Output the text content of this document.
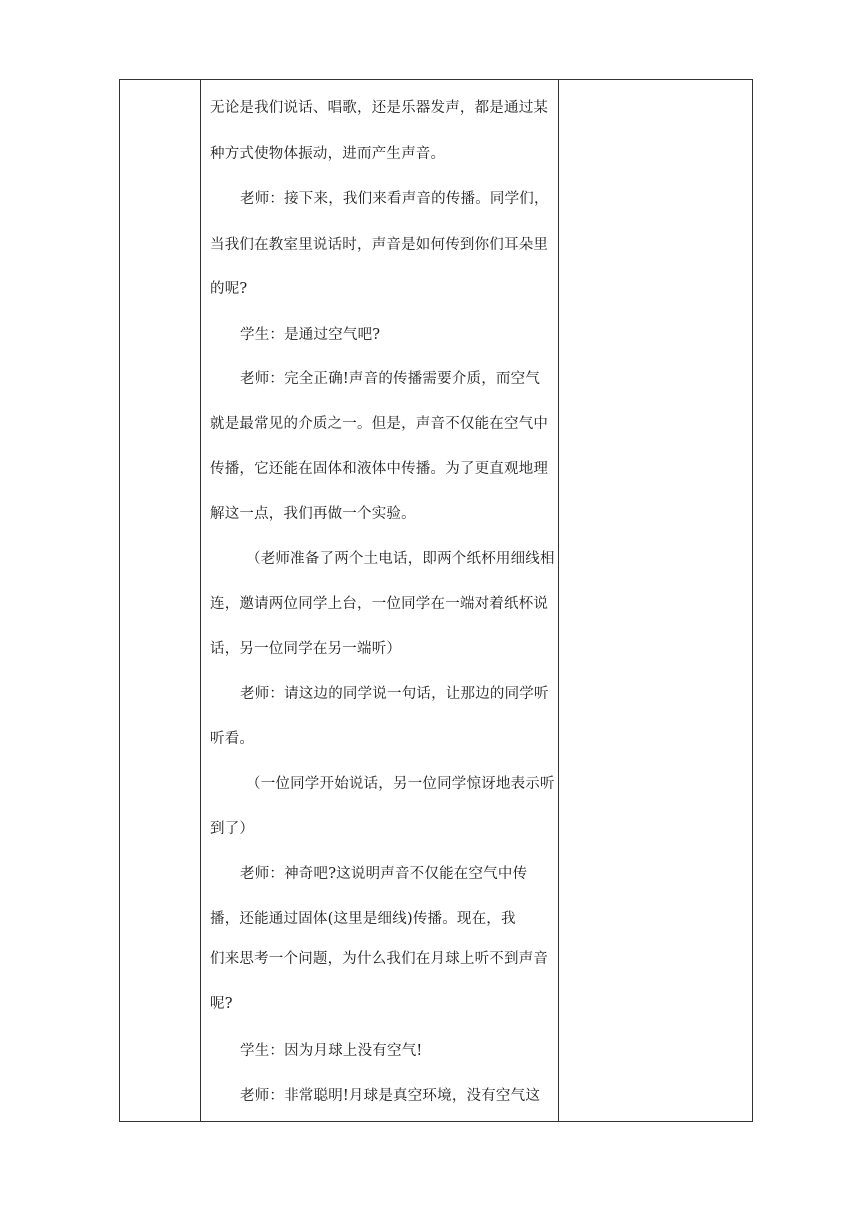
无论是我们说话、唱歌，还是乐器发声，都是通过某

种方式使物体振动，进而产生声音。

老师：接下来，我们来看声音的传播。同学们，

当我们在教室里说话时，声音是如何传到你们耳朵里

的呢?

学生：是通过空气吧?

老师：完全正确!声音的传播需要介质，而空气

就是最常见的介质之一。但是，声音不仅能在空气中

传播，它还能在固体和液体中传播。为了更直观地理

解这一点，我们再做一个实验。

（老师准备了两个土电话，即两个纸杯用细线相

连，邀请两位同学上台，一位同学在一端对着纸杯说

话，另一位同学在另一端听）

老师：请这边的同学说一句话，让那边的同学听

听看。

（一位同学开始说话，另一位同学惊讶地表示听

到了）

老师：神奇吧?这说明声音不仅能在空气中传

播，还能通过固体(这里是细线)传播。现在，我

们来思考一个问题，为什么我们在月球上听不到声音

呢?

学生：因为月球上没有空气!

老师：非常聪明!月球是真空环境，没有空气这
